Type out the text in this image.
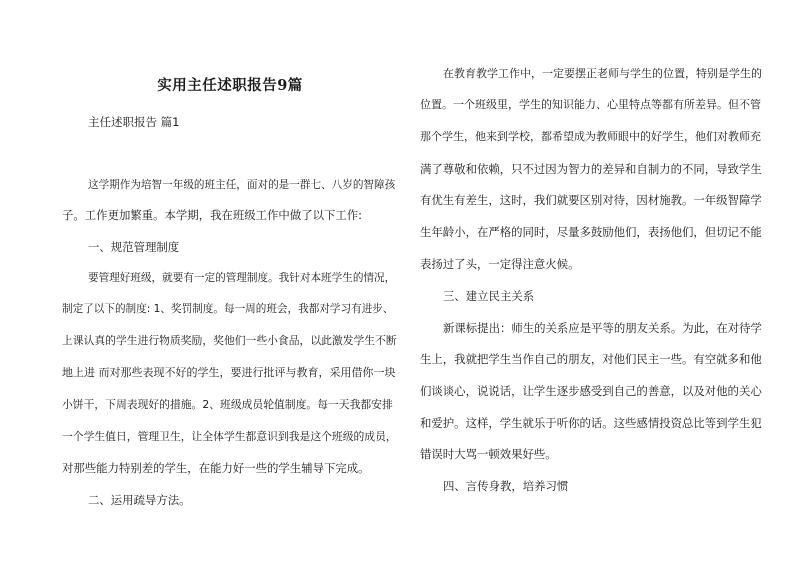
实用主任述职报告9篇

主任述职报告 篇1

这学期作为培智一年级的班主任，面对的是一群七、八岁的智障孩

子。工作更加繁重。本学期，我在班级工作中做了以下工作:

一、规范管理制度

要管理好班级，就要有一定的管理制度。我针对本班学生的情况，

制定了以下的制度: 1、奖罚制度。每一周的班会，我都对学习有进步、

上课认真的学生进行物质奖励，奖他们一些小食品，以此激发学生不断

地上进 而对那些表现不好的学生，要进行批评与教育，采用借你一块

小饼干，下周表现好的措施。2、班级成员轮值制度。每一天我都安排

一个学生值日，管理卫生，让全体学生都意识到我是这个班级的成员，

对那些能力特别差的学生，在能力好一些的学生辅导下完成。

二、运用疏导方法。

在教育教学工作中，一定要摆正老师与学生的位置，特别是学生的

位置。一个班级里，学生的知识能力、心里特点等都有所差异。但不管

那个学生，他来到学校，都希望成为教师眼中的好学生，他们对教师充

满了尊敬和依赖，只不过因为智力的差异和自制力的不同，导致学生

有优生有差生，这时，我们就要区别对待，因材施教。一年级智障学

生年龄小，在严格的同时，尽量多鼓励他们，表扬他们，但切记不能

表扬过了头，一定得注意火候。

三、建立民主关系

新课标提出：师生的关系应是平等的朋友关系。为此，在对待学

生上，我就把学生当作自己的朋友，对他们民主一些。有空就多和他

们谈谈心，说说话，让学生逐步感受到自己的善意，以及对他的关心

和爱护。这样，学生就乐于听你的话。这些感情投资总比等到学生犯

错误时大骂一顿效果好些。

四、言传身教，培养习惯
